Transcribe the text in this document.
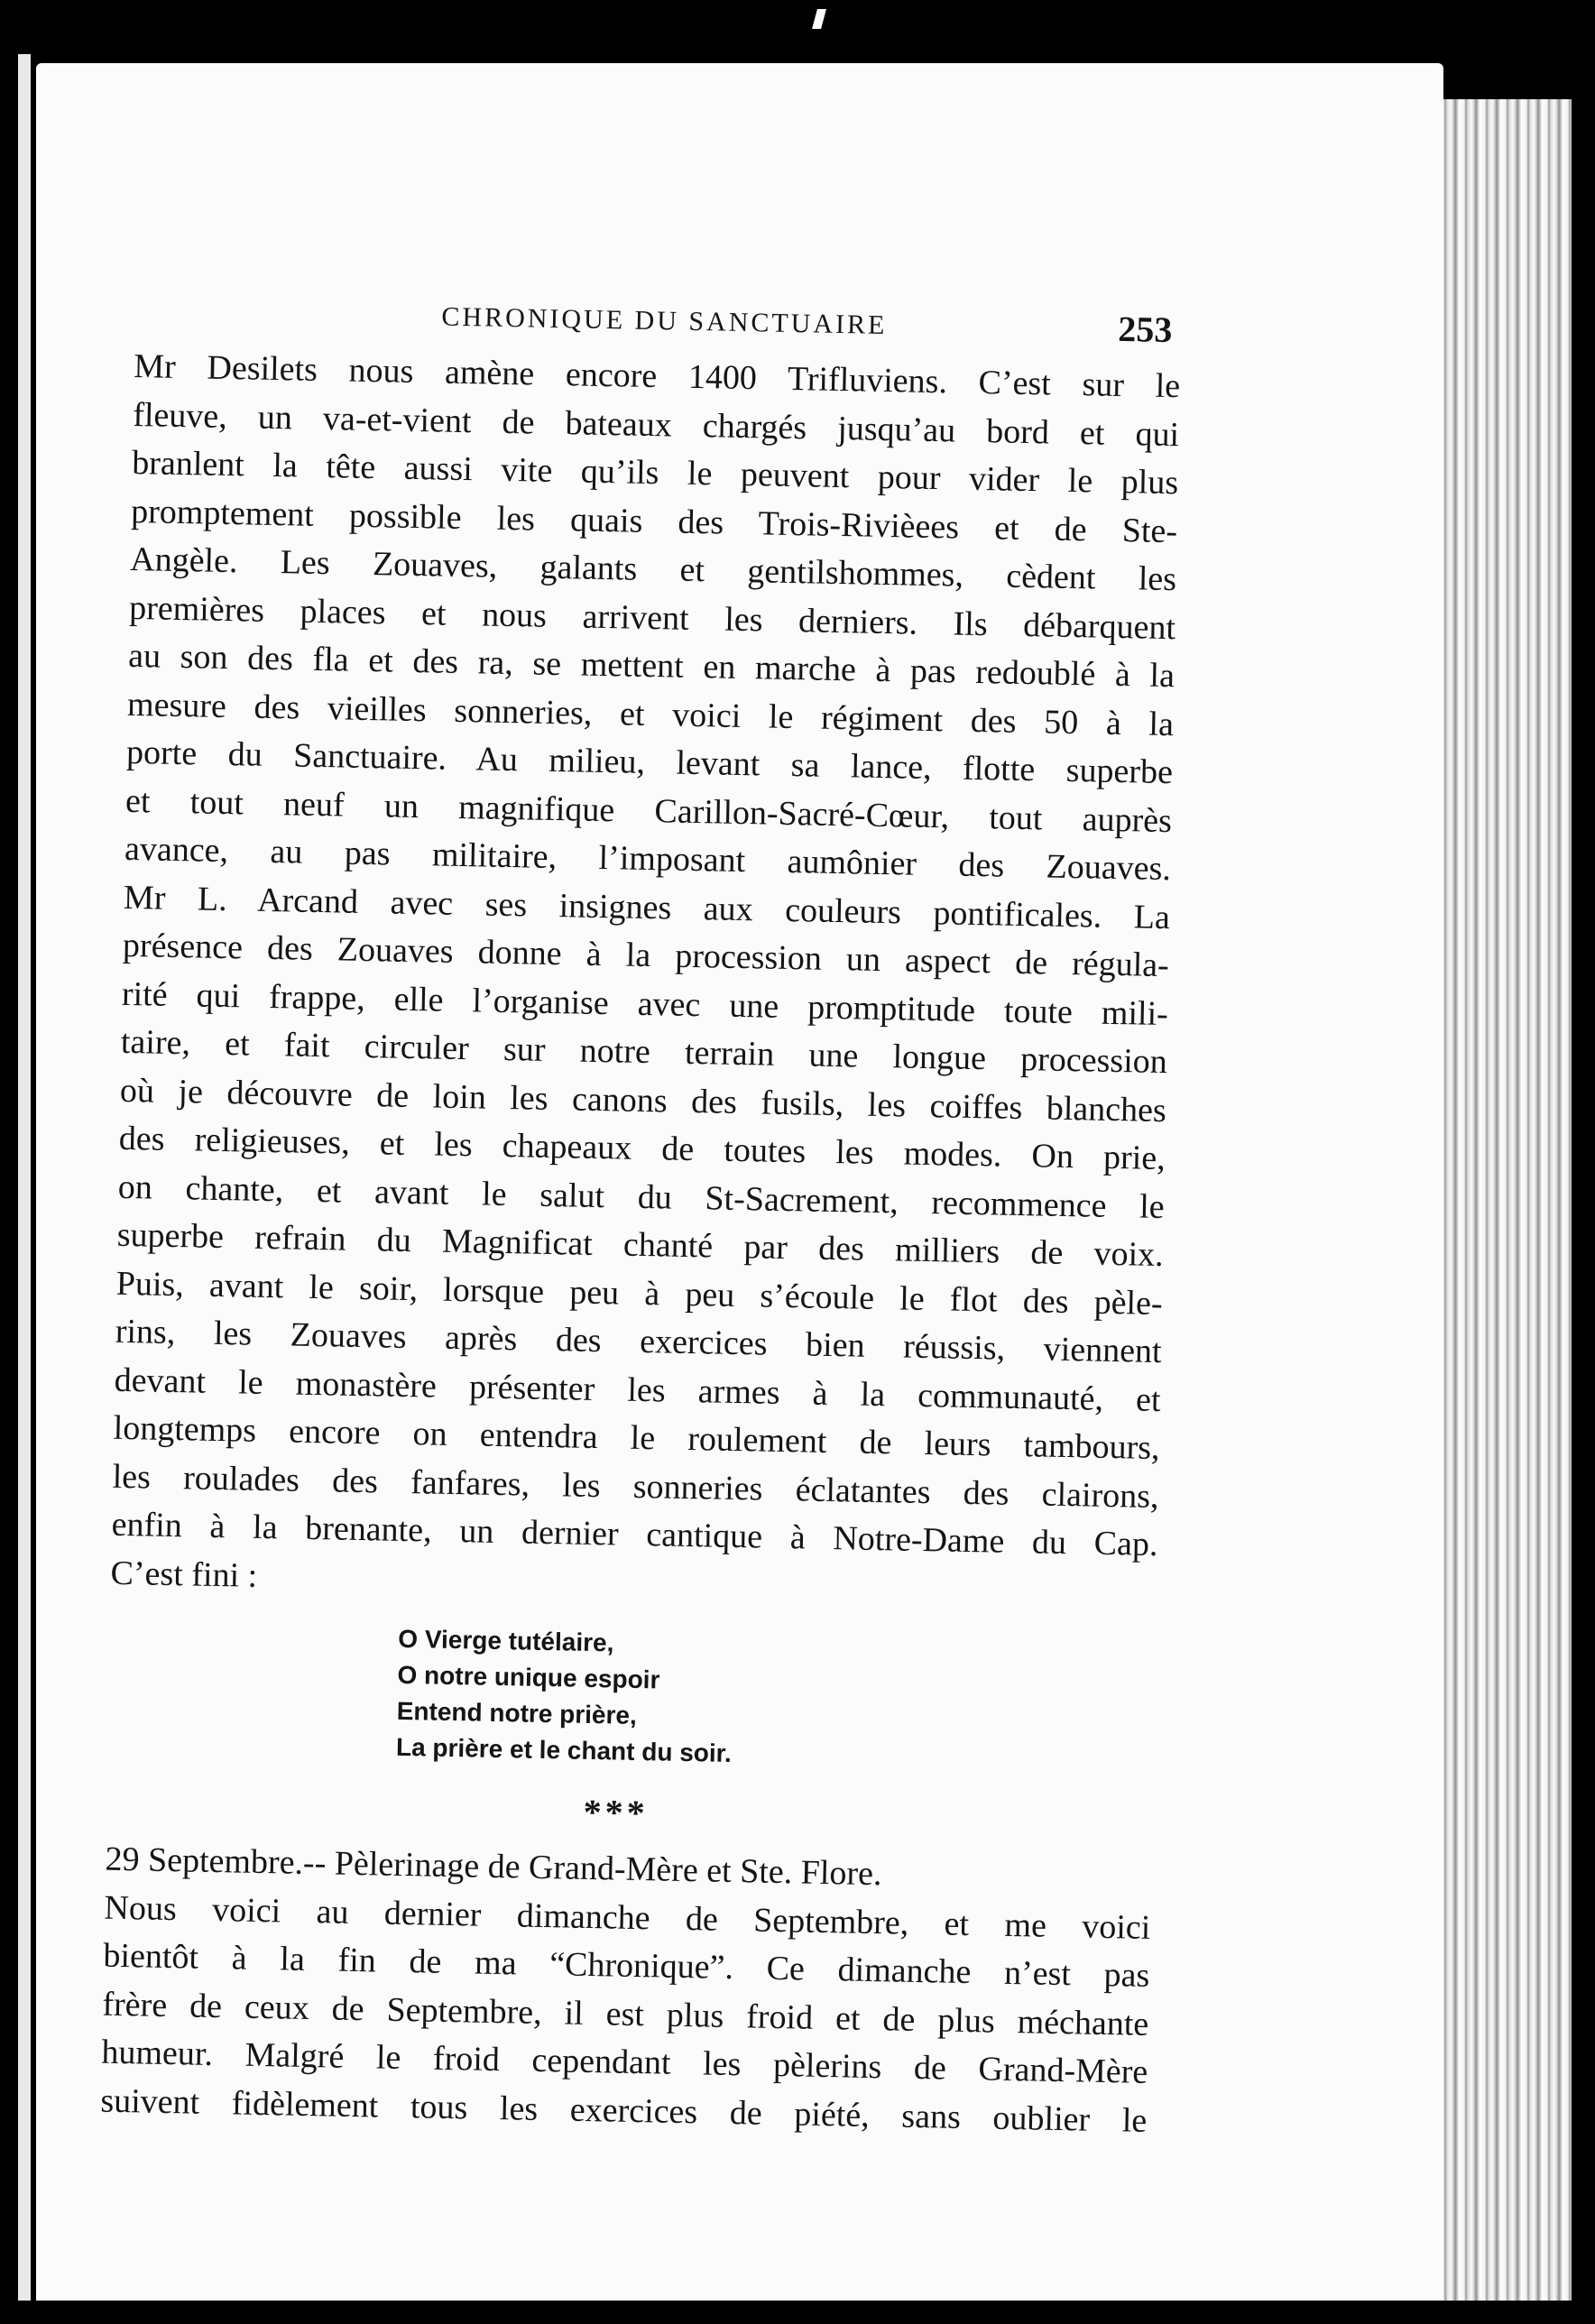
CHRONIQUE DU SANCTUAIRE	253
Mr Desilets nous amène encore 1400 Trifluviens. C’est sur le
fleuve, un va-et-vient de bateaux chargés jusqu’au bord et qui
branlent la tête aussi vite qu’ils le peuvent pour vider le plus
promptement possible les quais des Trois-Rivièees et de Ste-
Angèle. Les Zouaves, galants et gentilshommes, cèdent les
premières places et nous arrivent les derniers. Ils débarquent
au son des fla et des ra, se mettent en marche à pas redoublé à la
mesure des vieilles sonneries, et voici le régiment des 50 à la
porte du Sanctuaire. Au milieu, levant sa lance, flotte superbe
et tout neuf un magnifique Carillon-Sacré-Cœur, tout auprès
avance, au pas militaire, l’imposant aumônier des Zouaves.
Mr L. Arcand avec ses insignes aux couleurs pontificales. La
présence des Zouaves donne à la procession un aspect de régula-
rité qui frappe, elle l’organise avec une promptitude toute mili-
taire, et fait circuler sur notre terrain une longue procession
où je découvre de loin les canons des fusils, les coiffes blanches
des religieuses, et les chapeaux de toutes les modes. On prie,
on chante, et avant le salut du St-Sacrement, recommence le
superbe refrain du Magnificat chanté par des milliers de voix.
Puis, avant le soir, lorsque peu à peu s’écoule le flot des pèle-
rins, les Zouaves après des exercices bien réussis, viennent
devant le monastère présenter les armes à la communauté, et
longtemps encore on entendra le roulement de leurs tambours,
les roulades des fanfares, les sonneries éclatantes des clairons,
enfin à la brenante, un dernier cantique à Notre-Dame du Cap.
C’est fini :
O Vierge tutélaire,
O notre unique espoir
Entend notre prière,
La prière et le chant du soir.
***
29 Septembre.-- Pèlerinage de Grand-Mère et Ste. Flore.
Nous voici au dernier dimanche de Septembre, et me voici
bientôt à la fin de ma “Chronique”. Ce dimanche n’est pas
frère de ceux de Septembre, il est plus froid et de plus méchante
humeur. Malgré le froid cependant les pèlerins de Grand-Mère
suivent fidèlement tous les exercices de piété, sans oublier le
